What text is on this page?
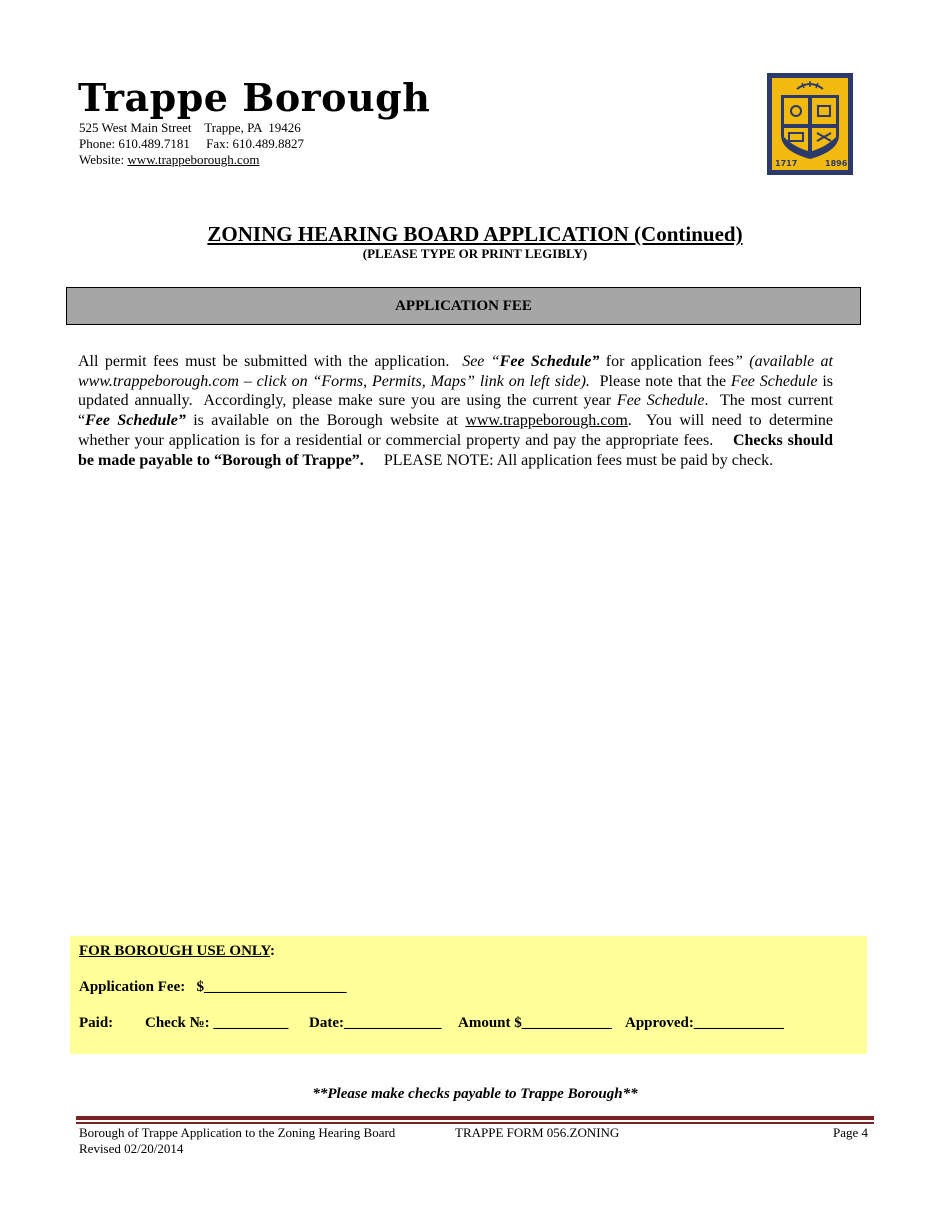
Trappe Borough
525 West Main Street    Trappe, PA  19426
Phone: 610.489.7181     Fax: 610.489.8827
Website: www.trappeborough.com	1717	1896
ZONING HEARING BOARD APPLICATION (Continued)
(PLEASE TYPE OR PRINT LEGIBLY)
APPLICATION FEE
All permit fees must be submitted with the application.  See “Fee Schedule” for application fees” (available at www.trappeborough.com – click on “Forms, Permits, Maps” link on left side).  Please note that the Fee Schedule is updated annually.  Accordingly, please make sure you are using the current year Fee Schedule.  The most current “Fee Schedule” is available on the Borough website at www.trappeborough.com.  You will need to determine whether your application is for a residential or commercial property and pay the appropriate fees.    Checks should be made payable to “Borough of Trappe”.     PLEASE NOTE: All application fees must be paid by check.
FOR BOROUGH USE ONLY:
Application Fee:   $___________________
Paid: Check №: __________ Date:_____________ Amount $____________ Approved:____________
**Please make checks payable to Trappe Borough**
Borough of Trappe Application to the Zoning Hearing Board
Revised 02/20/2014
TRAPPE FORM 056.ZONING	Page 4
